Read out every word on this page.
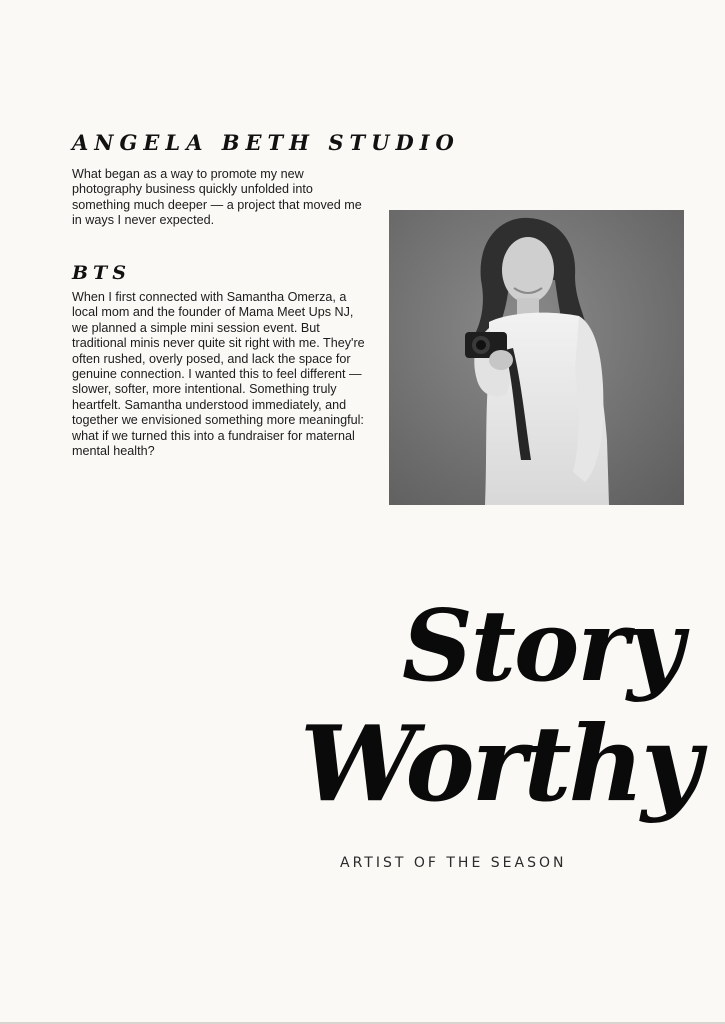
ANGELA BETH STUDIO

What began as a way to promote my new photography business quickly unfolded into something much deeper — a project that moved me in ways I never expected.

BTS

When I first connected with Samantha Omerza, a local mom and the founder of Mama Meet Ups NJ, we planned a simple mini session event. But traditional minis never quite sit right with me. They're often rushed, overly posed, and lack the space for genuine connection. I wanted this to feel different — slower, softer, more intentional. Something truly heartfelt. Samantha understood immediately, and together we envisioned something more meaningful: what if we turned this into a fundraiser for maternal mental health?

Story
Worthy

ARTIST OF THE SEASON
